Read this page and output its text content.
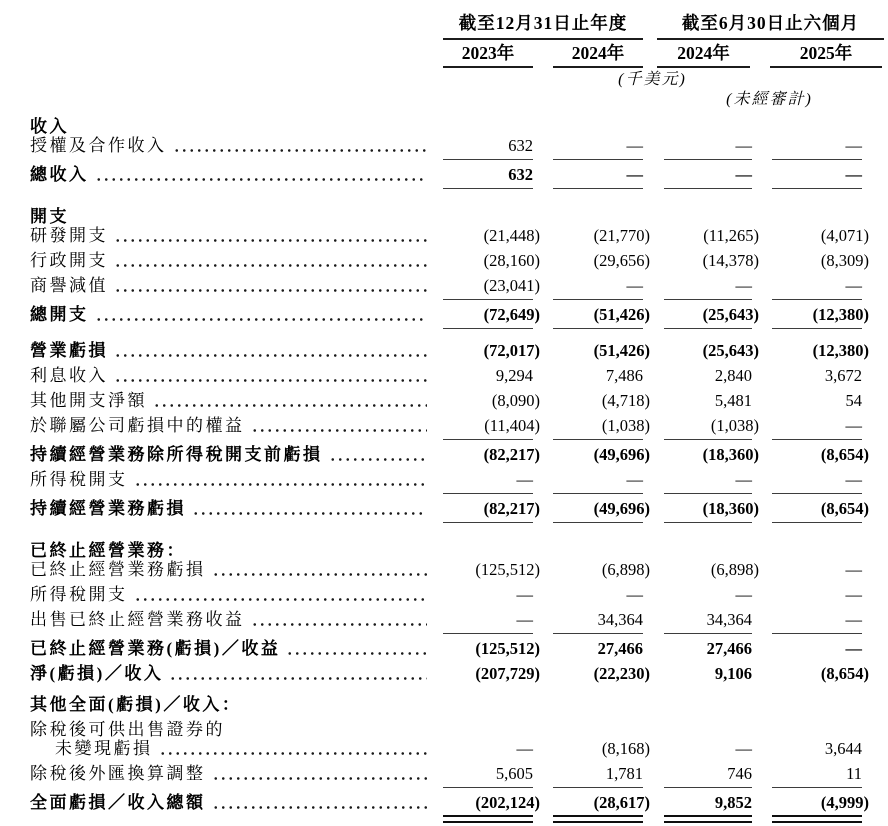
截至12月31日止年度	截至6月30日止六個月
2023年	2024年	2024年	2025年
(千美元)
(未經審計)
收入
授權及合作收入	632	—	—	—
總收入	632	—	—	—
開支
研發開支	(21,448)	(21,770)	(11,265)	(4,071)
行政開支	(28,160)	(29,656)	(14,378)	(8,309)
商譽減值	(23,041)	—	—	—
總開支	(72,649)	(51,426)	(25,643)	(12,380)
營業虧損	(72,017)	(51,426)	(25,643)	(12,380)
利息收入	9,294	7,486	2,840	3,672
其他開支淨額	(8,090)	(4,718)	5,481	54
於聯屬公司虧損中的權益	(11,404)	(1,038)	(1,038)	—
持續經營業務除所得稅開支前虧損	(82,217)	(49,696)	(18,360)	(8,654)
所得稅開支	—	—	—	—
持續經營業務虧損	(82,217)	(49,696)	(18,360)	(8,654)
已終止經營業務：
已終止經營業務虧損	(125,512)	(6,898)	(6,898)	—
所得稅開支	—	—	—	—
出售已終止經營業務收益	—	34,364	34,364	—
已終止經營業務(虧損)／收益	(125,512)	27,466	27,466	—
淨(虧損)／收入	(207,729)	(22,230)	9,106	(8,654)
其他全面(虧損)／收入：
除稅後可供出售證券的
未變現虧損	—	(8,168)	—	3,644
除稅後外匯換算調整	5,605	1,781	746	11
全面虧損／收入總額	(202,124)	(28,617)	9,852	(4,999)
